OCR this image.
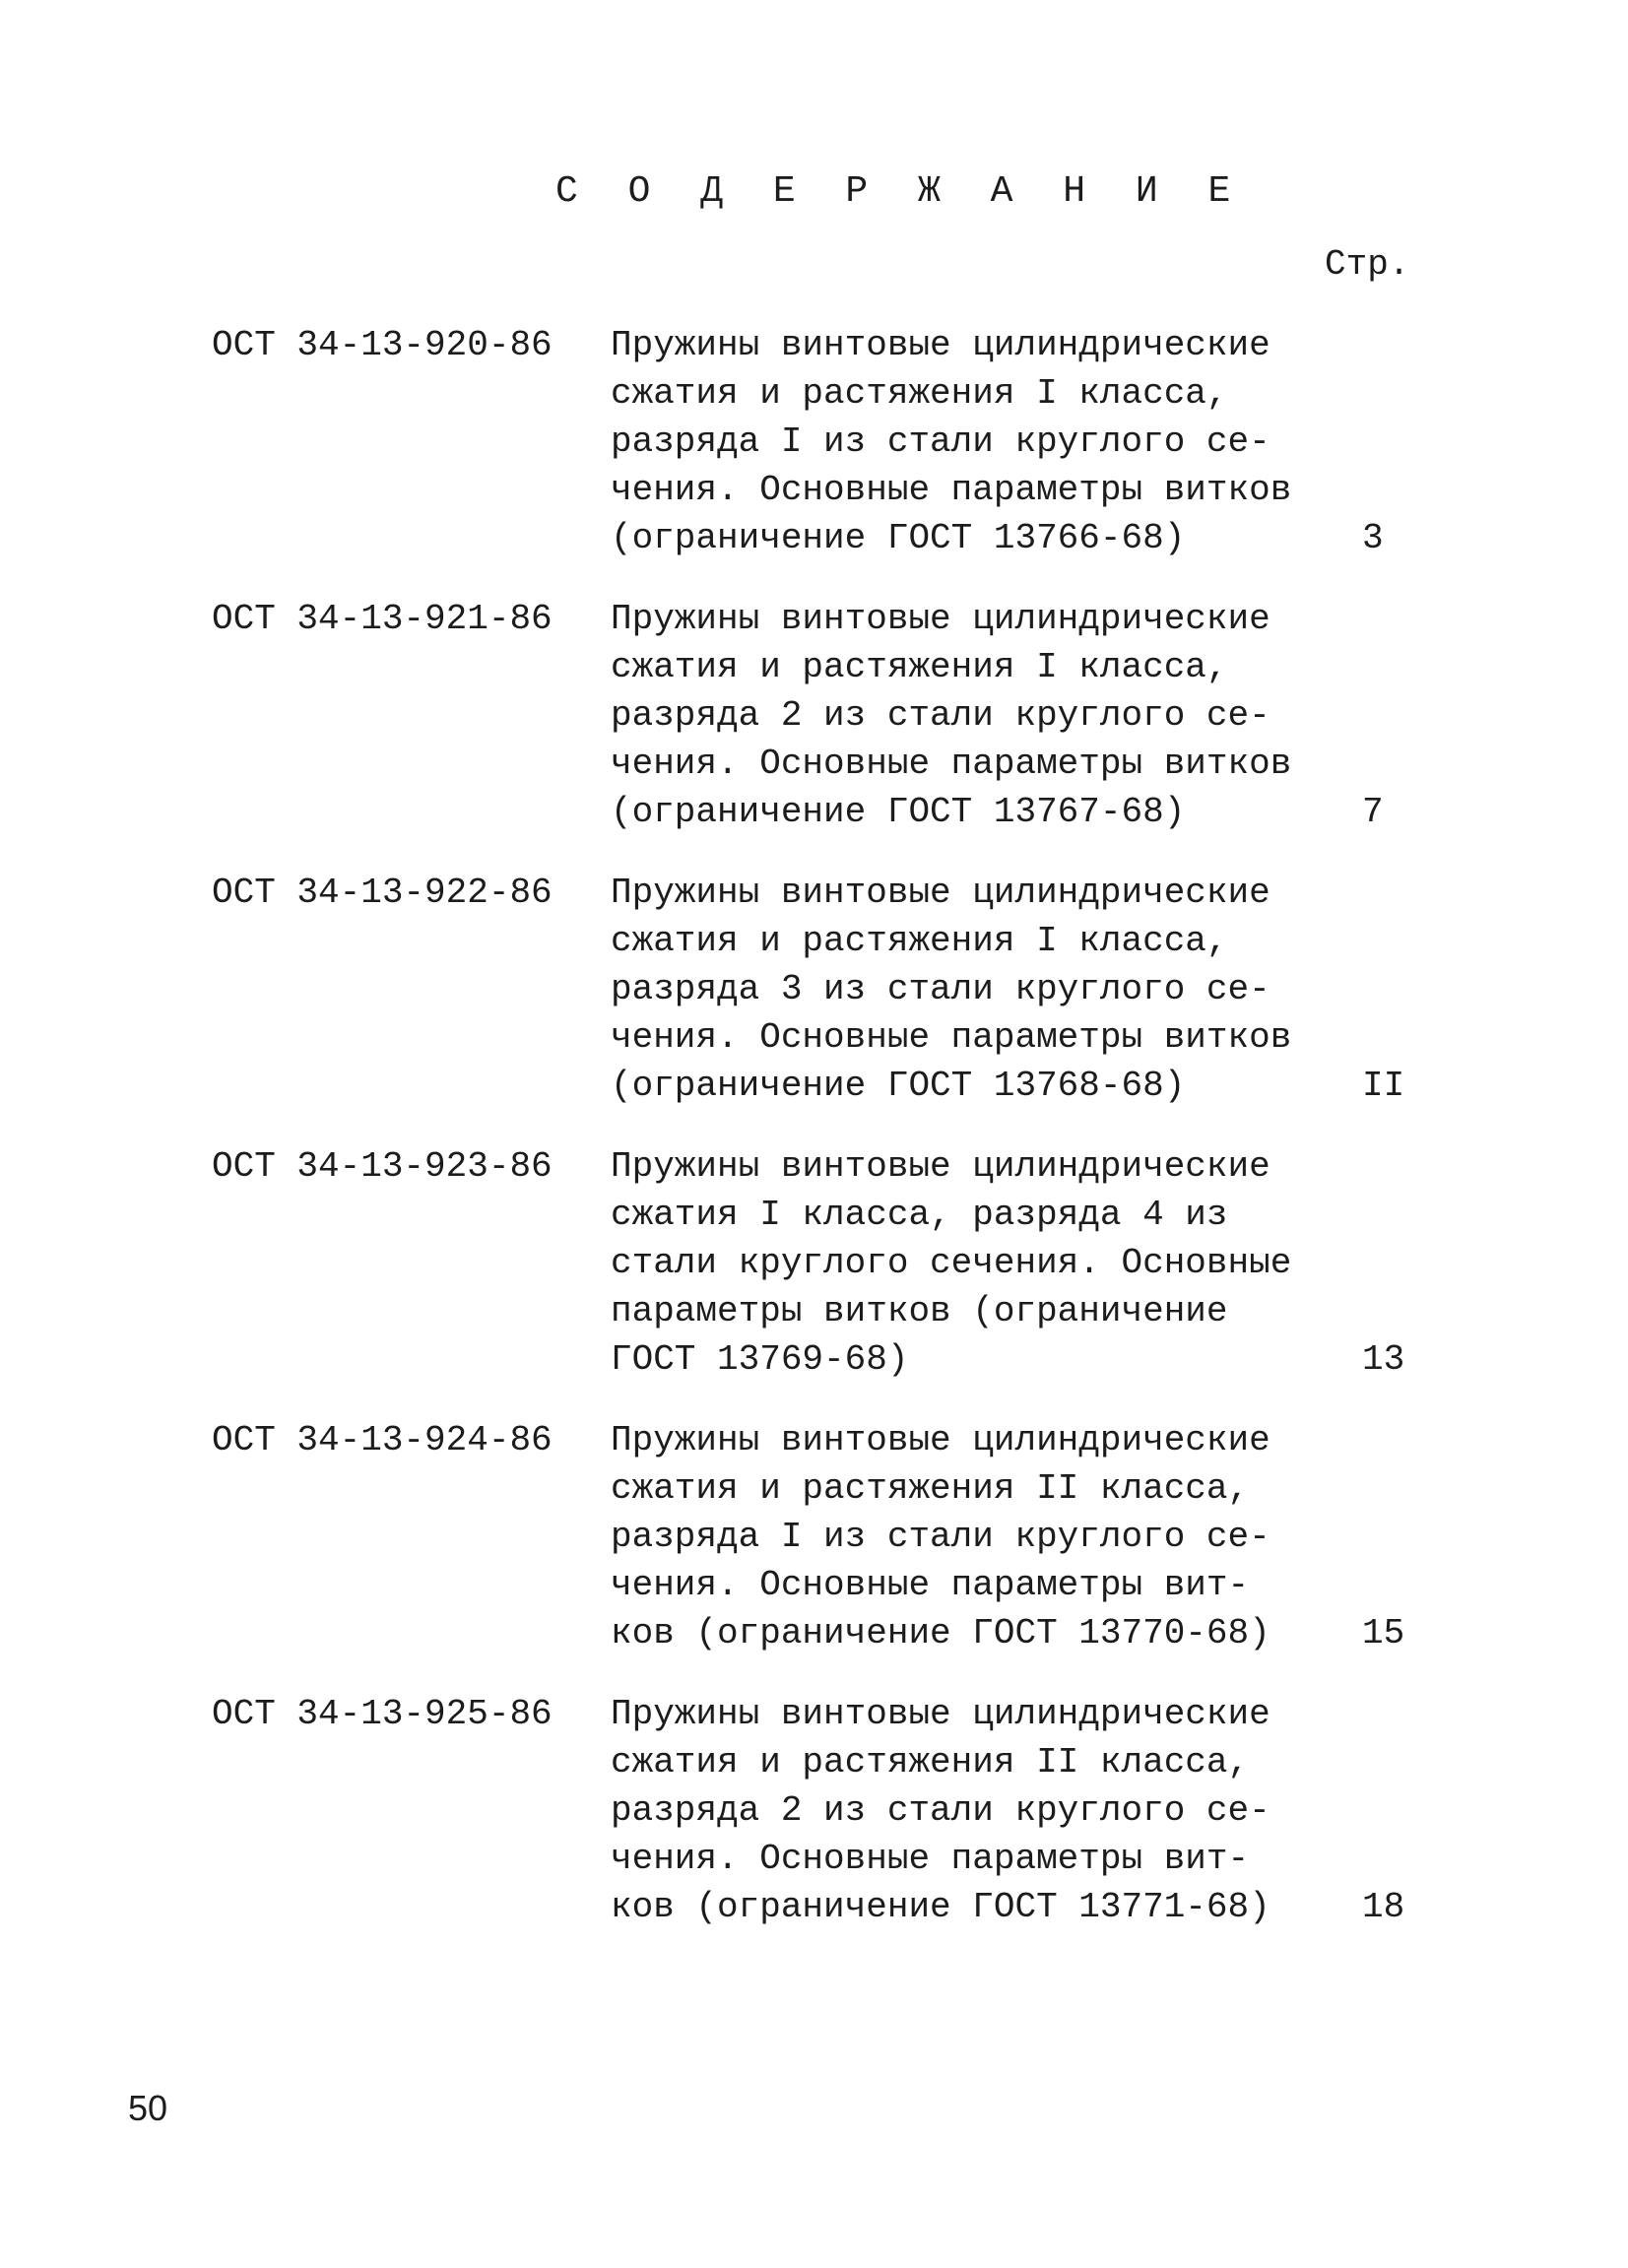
С О Д Е Р Ж А Н И Е
Стр.
ОСТ 34-13-920-86 Пружины винтовые цилиндрические
сжатия и растяжения I класса,
разряда I из стали круглого се-
чения. Основные параметры витков
(ограничение ГОСТ 13766-68)	3
ОСТ 34-13-921-86 Пружины винтовые цилиндрические
сжатия и растяжения I класса,
разряда 2 из стали круглого се-
чения. Основные параметры витков
(ограничение ГОСТ 13767-68)	7
ОСТ 34-13-922-86 Пружины винтовые цилиндрические
сжатия и растяжения I класса,
разряда 3 из стали круглого се-
чения. Основные параметры витков
(ограничение ГОСТ 13768-68)	II
ОСТ 34-13-923-86 Пружины винтовые цилиндрические
сжатия I класса, разряда 4 из
стали круглого сечения. Основные
параметры витков (ограничение
ГОСТ 13769-68)	13
ОСТ 34-13-924-86 Пружины винтовые цилиндрические
сжатия и растяжения II класса,
разряда I из стали круглого се-
чения. Основные параметры вит-
ков (ограничение ГОСТ 13770-68)	15
ОСТ 34-13-925-86 Пружины винтовые цилиндрические
сжатия и растяжения II класса,
разряда 2 из стали круглого се-
чения. Основные параметры вит-
ков (ограничение ГОСТ 13771-68)	18
50
